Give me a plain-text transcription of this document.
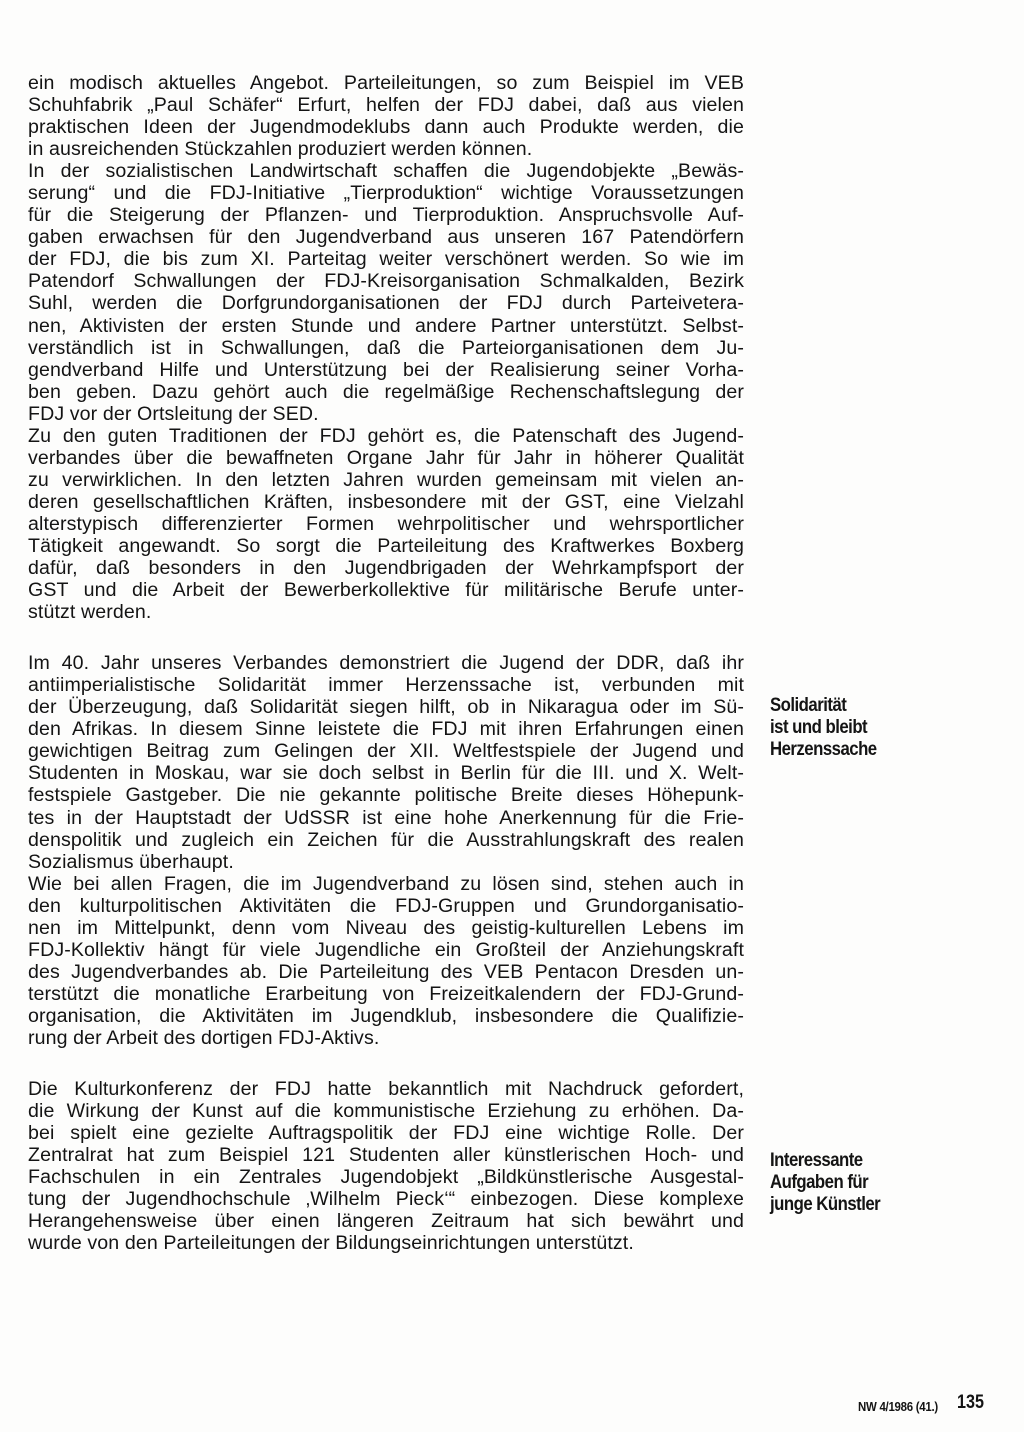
ein modisch aktuelles Angebot. Parteileitungen, so zum Beispiel im VEB
Schuhfabrik „Paul Schäfer“ Erfurt, helfen der FDJ dabei, daß aus vielen
praktischen Ideen der Jugendmodeklubs dann auch Produkte werden, die
in ausreichenden Stückzahlen produziert werden können.
In der sozialistischen Landwirtschaft schaffen die Jugendobjekte „Bewäs-
serung“ und die FDJ-Initiative „Tierproduktion“ wichtige Voraussetzungen
für die Steigerung der Pflanzen- und Tierproduktion. Anspruchsvolle Auf-
gaben erwachsen für den Jugendverband aus unseren 167 Patendörfern
der FDJ, die bis zum XI. Parteitag weiter verschönert werden. So wie im
Patendorf Schwallungen der FDJ-Kreisorganisation Schmalkalden, Bezirk
Suhl, werden die Dorfgrundorganisationen der FDJ durch Parteivetera-
nen, Aktivisten der ersten Stunde und andere Partner unterstützt. Selbst-
verständlich ist in Schwallungen, daß die Parteiorganisationen dem Ju-
gendverband Hilfe und Unterstützung bei der Realisierung seiner Vorha-
ben geben. Dazu gehört auch die regelmäßige Rechenschaftslegung der
FDJ vor der Ortsleitung der SED.
Zu den guten Traditionen der FDJ gehört es, die Patenschaft des Jugend-
verbandes über die bewaffneten Organe Jahr für Jahr in höherer Qualität
zu verwirklichen. In den letzten Jahren wurden gemeinsam mit vielen an-
deren gesellschaftlichen Kräften, insbesondere mit der GST, eine Vielzahl
alterstypisch differenzierter Formen wehrpolitischer und wehrsportlicher
Tätigkeit angewandt. So sorgt die Parteileitung des Kraftwerkes Boxberg
dafür, daß besonders in den Jugendbrigaden der Wehrkampfsport der
GST und die Arbeit der Bewerberkollektive für militärische Berufe unter-
stützt werden.
Im 40. Jahr unseres Verbandes demonstriert die Jugend der DDR, daß ihr
antiimperialistische Solidarität immer Herzenssache ist, verbunden mit
der Überzeugung, daß Solidarität siegen hilft, ob in Nikaragua oder im Sü-
den Afrikas. In diesem Sinne leistete die FDJ mit ihren Erfahrungen einen
gewichtigen Beitrag zum Gelingen der XII. Weltfestspiele der Jugend und
Studenten in Moskau, war sie doch selbst in Berlin für die III. und X. Welt-
festspiele Gastgeber. Die nie gekannte politische Breite dieses Höhepunk-
tes in der Hauptstadt der UdSSR ist eine hohe Anerkennung für die Frie-
denspolitik und zugleich ein Zeichen für die Ausstrahlungskraft des realen
Sozialismus überhaupt.
Wie bei allen Fragen, die im Jugendverband zu lösen sind, stehen auch in
den kulturpolitischen Aktivitäten die FDJ-Gruppen und Grundorganisatio-
nen im Mittelpunkt, denn vom Niveau des geistig-kulturellen Lebens im
FDJ-Kollektiv hängt für viele Jugendliche ein Großteil der Anziehungskraft
des Jugendverbandes ab. Die Parteileitung des VEB Pentacon Dresden un-
terstützt die monatliche Erarbeitung von Freizeitkalendern der FDJ-Grund-
organisation, die Aktivitäten im Jugendklub, insbesondere die Qualifizie-
rung der Arbeit des dortigen FDJ-Aktivs.
Die Kulturkonferenz der FDJ hatte bekanntlich mit Nachdruck gefordert,
die Wirkung der Kunst auf die kommunistische Erziehung zu erhöhen. Da-
bei spielt eine gezielte Auftragspolitik der FDJ eine wichtige Rolle. Der
Zentralrat hat zum Beispiel 121 Studenten aller künstlerischen Hoch- und
Fachschulen in ein Zentrales Jugendobjekt „Bildkünstlerische Ausgestal-
tung der Jugendhochschule ‚Wilhelm Pieck‘“ einbezogen. Diese komplexe
Herangehensweise über einen längeren Zeitraum hat sich bewährt und
wurde von den Parteileitungen der Bildungseinrichtungen unterstützt.
Solidarität
ist und bleibt
Herzenssache
Interessante
Aufgaben für
junge Künstler
NW 4/1986 (41.) 135
